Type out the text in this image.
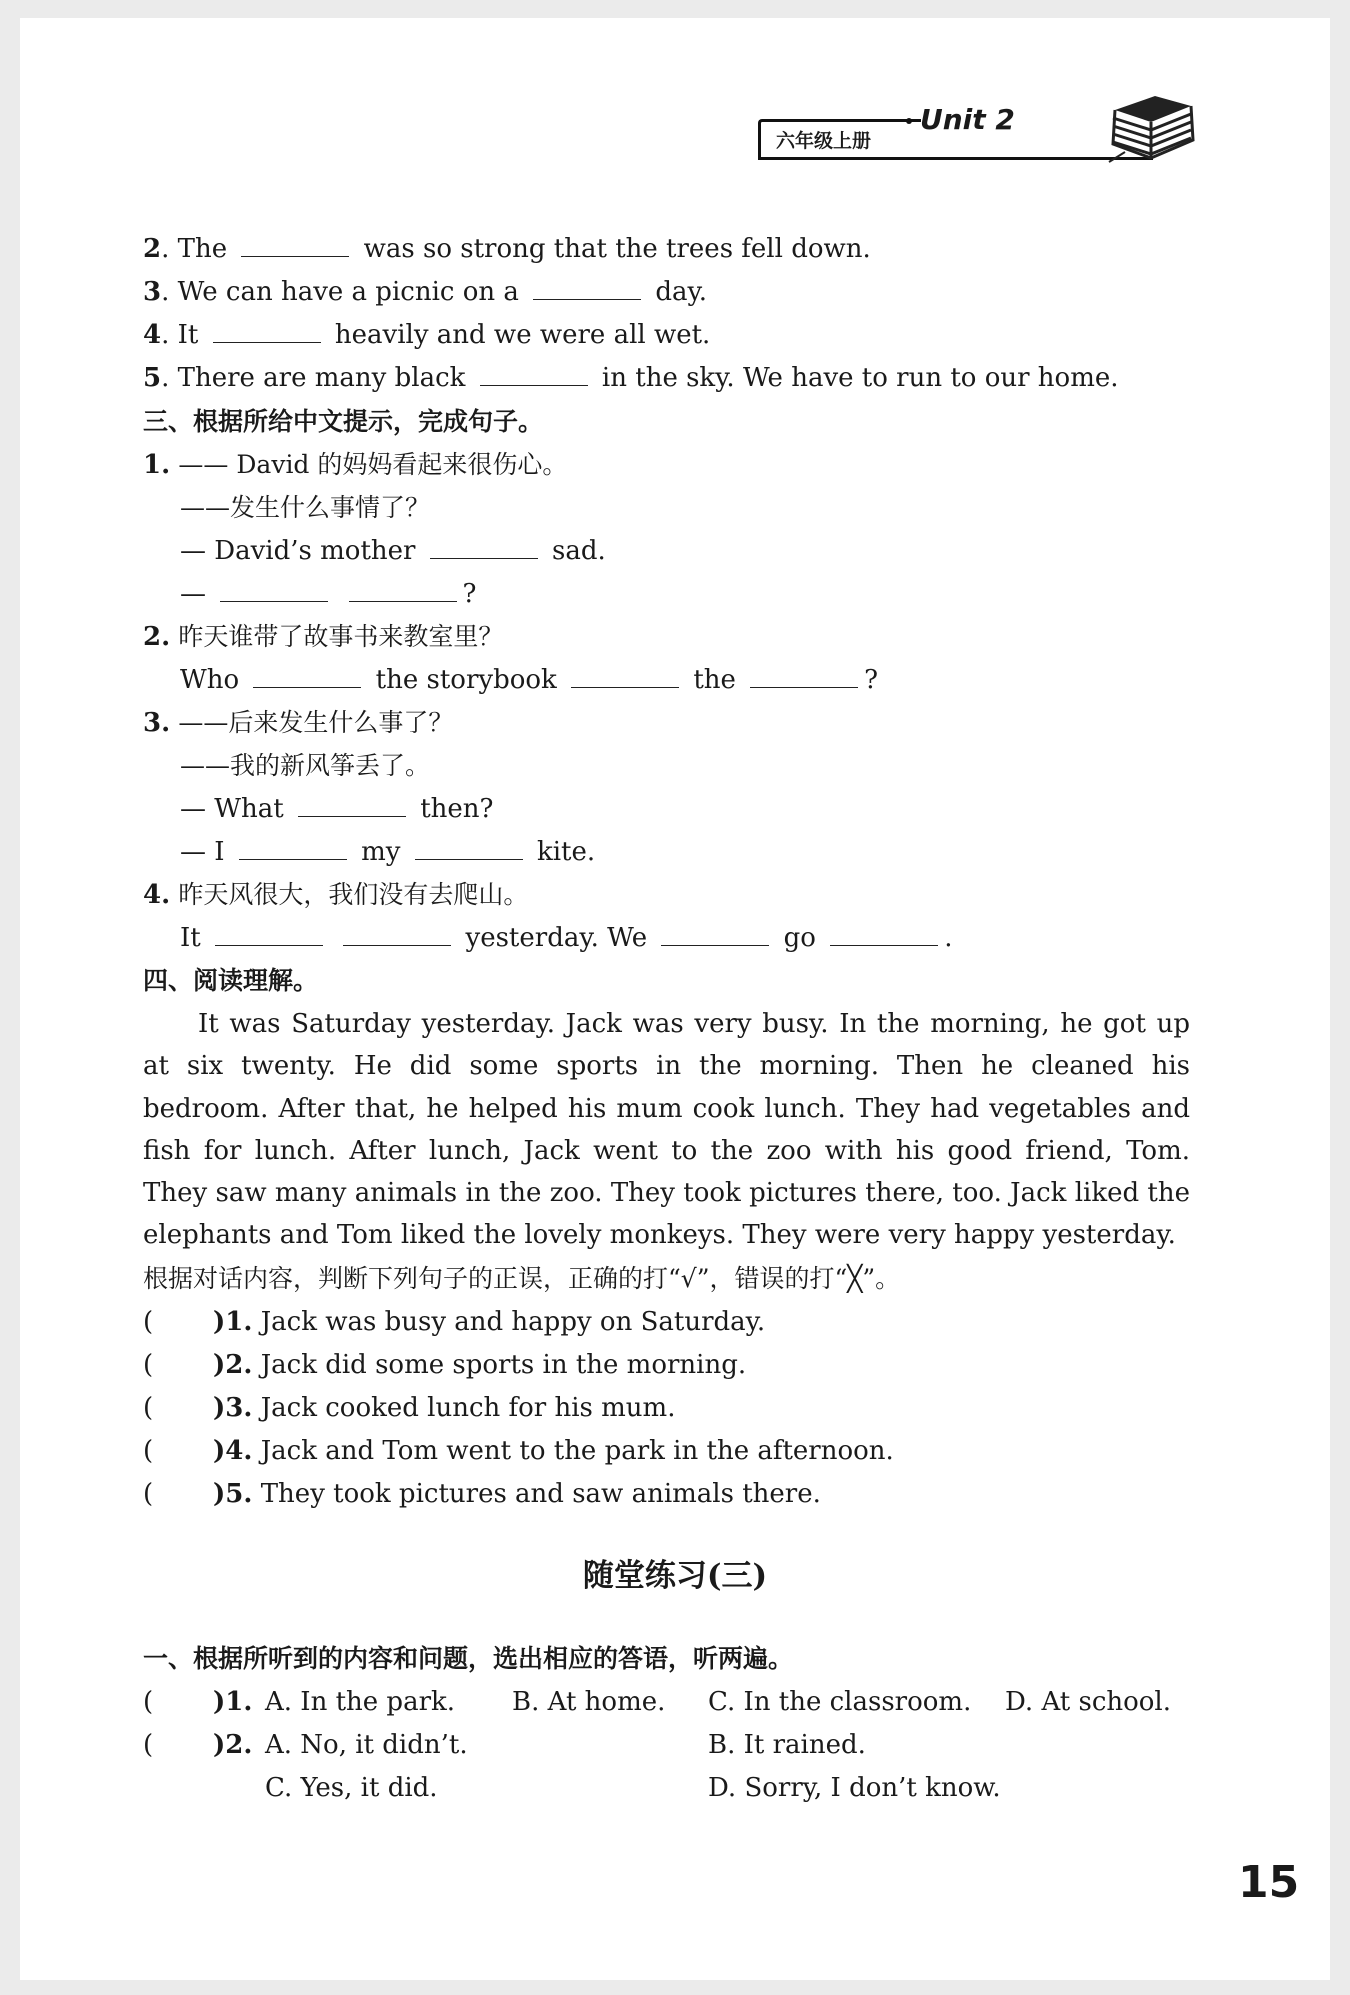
六年级上册
Unit 2
2. The	was so strong that the trees fell down.
3. We can have a picnic on a	day.
4. It	heavily and we were all wet.
5. There are many black	in the sky. We have to run to our home.
三、根据所给中文提示，完成句子。
1. —— David 的妈妈看起来很伤心。
——发生什么事情了？
— David’s mother	sad.
—	?
2. 昨天谁带了故事书来教室里？
Who	the storybook	the	?
3. ——后来发生什么事了？
——我的新风筝丢了。
— What	then?
— I	my	kite.
4. 昨天风很大，我们没有去爬山。
It	yesterday. We	go	.
四、阅读理解。
It was Saturday yesterday. Jack was very busy. In the morning, he got up at six twenty. He did some sports in the morning. Then he cleaned his bedroom. After that, he helped his mum cook lunch. They had vegetables and fish for lunch. After lunch, Jack went to the zoo with his good friend, Tom. They saw many animals in the zoo. They took pictures there, too. Jack liked the elephants and Tom liked the lovely monkeys. They were very happy yesterday.
根据对话内容，判断下列句子的正误，正确的打“√”，错误的打“╳”。
( )1. Jack was busy and happy on Saturday.
( )2. Jack did some sports in the morning.
( )3. Jack cooked lunch for his mum.
( )4. Jack and Tom went to the park in the afternoon.
( )5. They took pictures and saw animals there.
随堂练习(三)
一、根据所听到的内容和问题，选出相应的答语，听两遍。
( )1. A. In the park. B. At home. C. In the classroom. D. At school.
( )2. A. No, it didn’t.	B. It rained.
C. Yes, it did.	D. Sorry, I don’t know.
15
